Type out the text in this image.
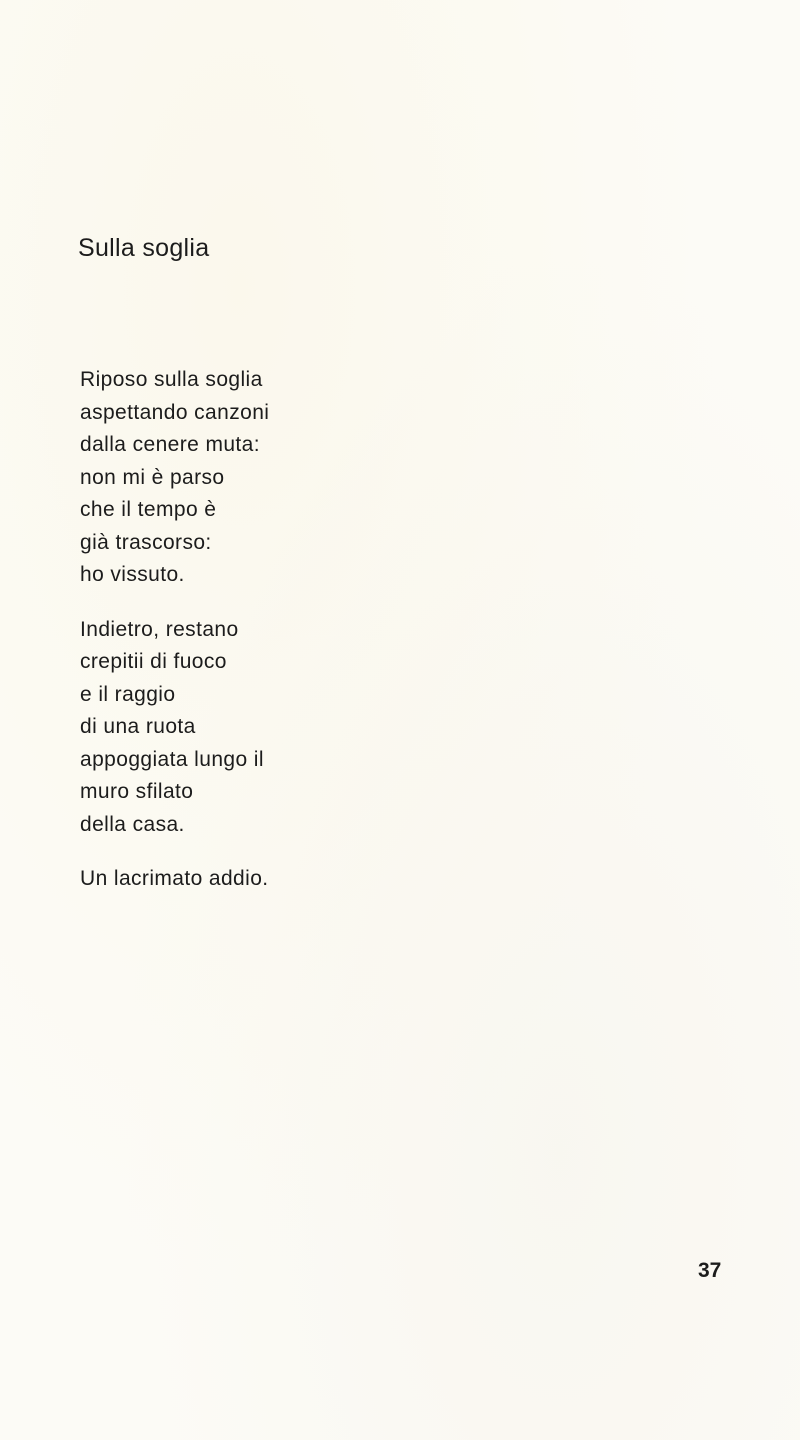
Sulla soglia
Riposo sulla soglia
aspettando canzoni
dalla cenere muta:
non mi è parso
che il tempo è
già trascorso:
ho vissuto.
Indietro, restano
crepitii di fuoco
e il raggio
di una ruota
appoggiata lungo il
muro sfilato
della casa.
Un lacrimato addio.
37
